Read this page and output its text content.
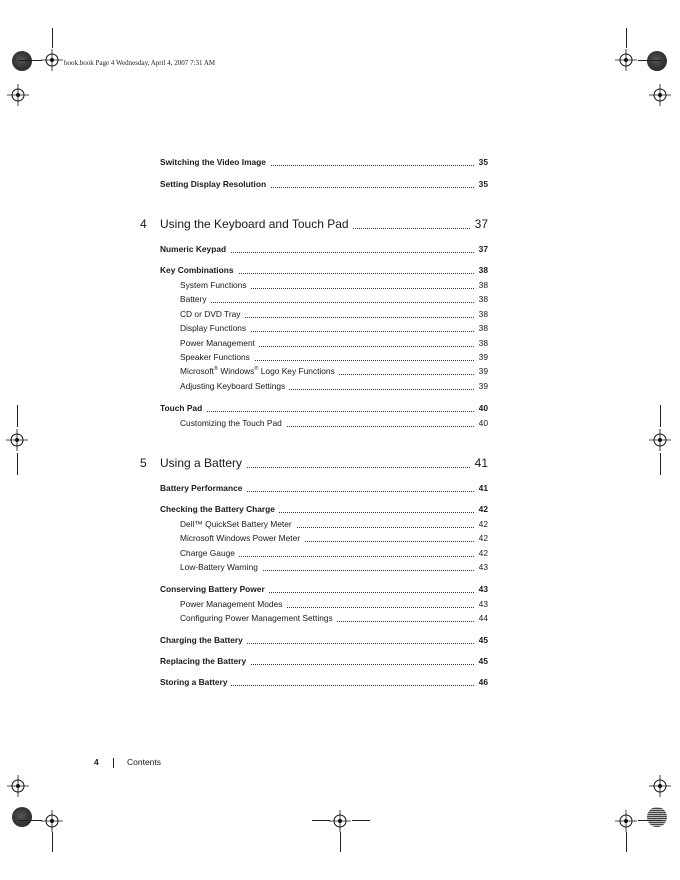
book.book Page 4 Wednesday, April 4, 2007 7:31 AM
Switching the Video Image	35
Setting Display Resolution	35
4 Using the Keyboard and Touch Pad	37
Numeric Keypad	37
Key Combinations	38
System Functions	38
Battery	38
CD or DVD Tray	38
Display Functions	38
Power Management	38
Speaker Functions	39
Microsoft® Windows® Logo Key Functions	39
Adjusting Keyboard Settings	39
Touch Pad	40
Customizing the Touch Pad	40
5 Using a Battery	41
Battery Performance	41
Checking the Battery Charge	42
Dell™ QuickSet Battery Meter	42
Microsoft Windows Power Meter	42
Charge Gauge	42
Low-Battery Warning	43
Conserving Battery Power	43
Power Management Modes	43
Configuring Power Management Settings	44
Charging the Battery	45
Replacing the Battery	45
Storing a Battery	46
4	Contents
